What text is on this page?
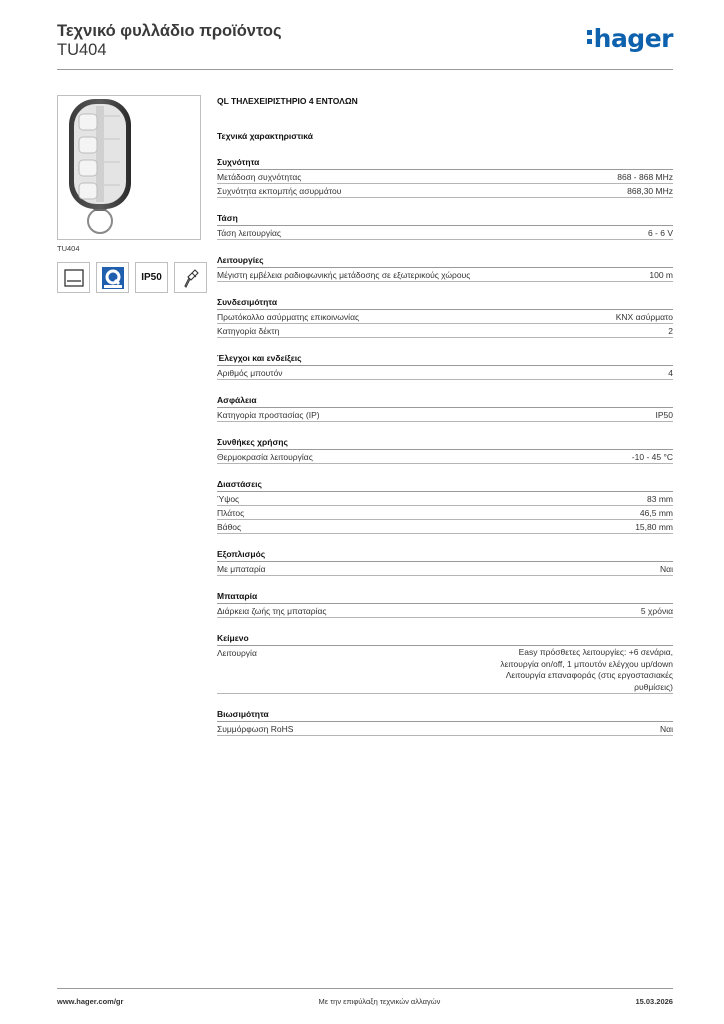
Τεχνικό φυλλάδιο προϊόντος
TU404	hager
TU404
IP50
QL ΤΗΛΕΧΕΙΡΙΣΤΗΡΙΟ 4 ΕΝΤΟΛΩΝ
Τεχνικά χαρακτηριστικά
Συχνότητα
Μετάδοση συχνότητας	868 - 868 MHz
Συχνότητα εκπομπής ασυρμάτου	868,30 MHz
Τάση
Τάση λειτουργίας	6 - 6 V
Λειτουργίες
Μέγιστη εμβέλεια ραδιοφωνικής μετάδοσης σε εξωτερικούς χώρους	100 m
Συνδεσιμότητα
Πρωτόκολλο ασύρματης επικοινωνίας	KNX ασύρματο
Κατηγορία δέκτη	2
Έλεγχοι και ενδείξεις
Αριθμός μπουτόν	4
Ασφάλεια
Κατηγορία προστασίας (IP)	IP50
Συνθήκες χρήσης
Θερμοκρασία λειτουργίας	-10 - 45 °C
Διαστάσεις
Ύψος	83 mm
Πλάτος	46,5 mm
Βάθος	15,80 mm
Εξοπλισμός
Με μπαταρία	Ναι
Μπαταρία
Διάρκεια ζωής της μπαταρίας	5 χρόνια
Κείμενο
Λειτουργία	Easy πρόσθετες λειτουργίες: +6 σενάρια, λειτουργία on/off, 1 μπουτόν ελέγχου up/down Λειτουργία επαναφοράς (στις εργοστασιακές ρυθμίσεις)
Βιωσιμότητα
Συμμόρφωση RoHS	Ναι
www.hager.com/gr	Με την επιφύλαξη τεχνικών αλλαγών	15.03.2026
